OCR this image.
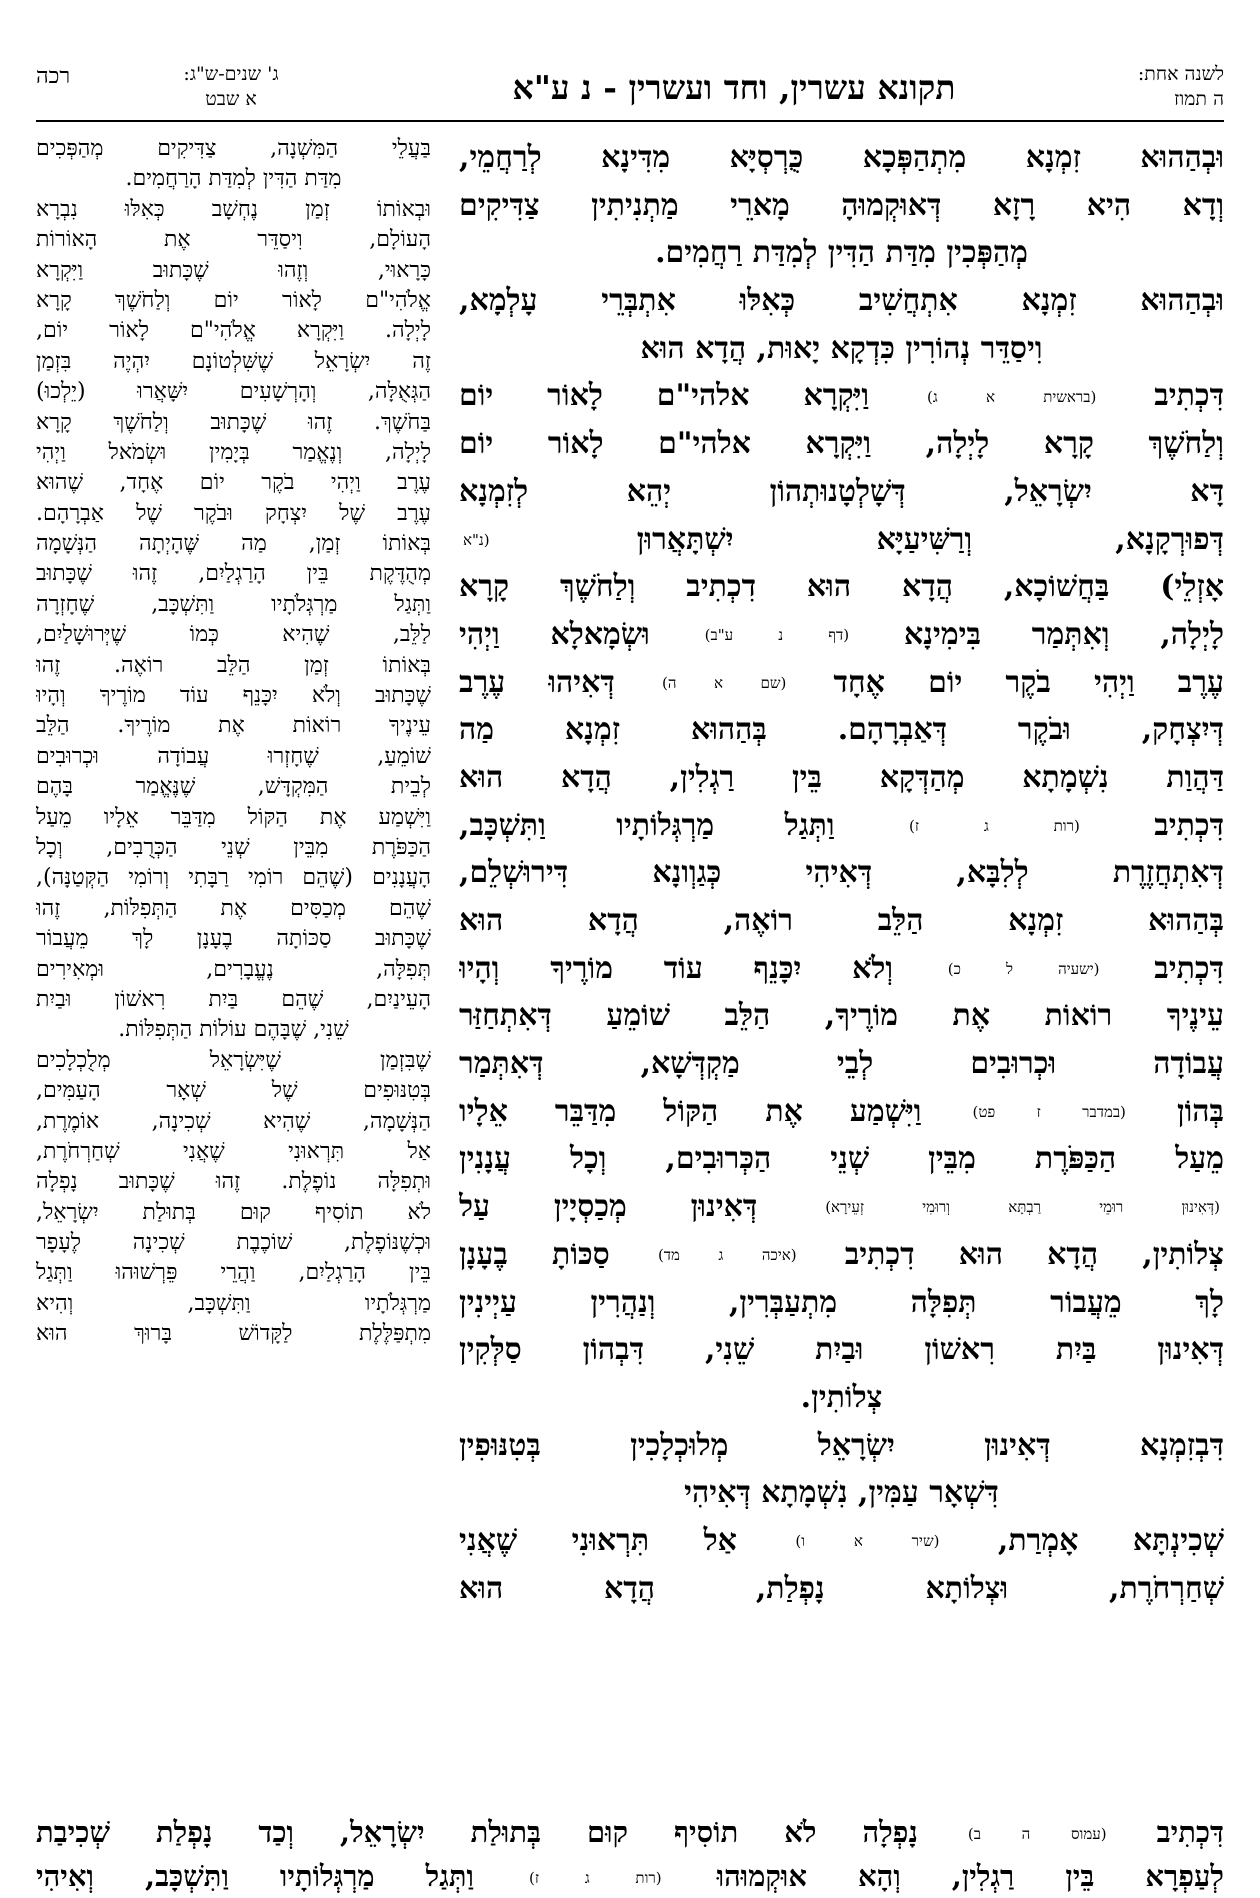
לשנה אחת:
ה תמוז
תקונא עשרין, וחד ועשרין - נ ע"א
ג' שנים-ש"ג:
א שבט
רכה
וּבְהַהוּא זִמְנָא מִתְהַפְּכָא כֻּרְסְיָּא מִדִּינָא לְרַחֲמֵי,
וְדָא הִיא רָזָא דְּאוּקְמוּהָ מָארֵי מַתְנִיתִין צַדִּיקִים
מְהַפְּכִין מִדַּת הַדִּין לְמִדַּת רַחֲמִים.
וּבְהַהוּא זִמְנָא אִתְחֲשִׁיב כְּאִלּוּ אִתְבְּרֵי עָלְמָא,
וִיסַדֵּר נְהוֹרִין כִּדְקָא יָאוּת, הֲדָא הוּא
דִּכְתִיב (בראשית א ג) וַיִּקְרָא אלהי"ם לָאוֹר יוֹם
וְלַחֹשֶׁךְ קָרָא לָיְלָה, וַיִּקְרָא אלהי"ם לָאוֹר יוֹם
דָּא יִשְׂרָאֵל, דְּשָׁלְטָנוּתְהוֹן יְהֵא לְזִמְנָא
דְּפוּרְקָנָא, וְרַשִּׁיעַיָּא יִשְׁתָּאֲרוּן (נ"א
אָזְלֵי) בַּחֲשׁוֹכָא, הֲדָא הוּא דִכְתִיב וְלַחֹשֶׁךְ קָרָא
לָיְלָה, וְאִתְּמַר בִּימִינָא (דף נ ע"ב) וּשְׂמָאלָא וַיְהִי
עֶרֶב וַיְהִי בֹקֶר יוֹם אֶחָד (שם א ה) דְּאִיהוּ עֶרֶב
דְּיִצְחָק, וּבֹקֶר דְּאַבְרָהָם. בְּהַהוּא זִמְנָא מַה
דַּהֲוַת נִשְׁמָתָא מְהַדְּקָא בֵּין רַגְלִין, הֲדָא הוּא
דִּכְתִיב (רות ג ז) וַתְּגַל מַרְגְּלוֹתָיו וַתִּשְׁכָּב,
דְּאִתְחֲזֶרֶת לְלִבָּא, דְּאִיהִי כְּגַוְונָא דִּירוּשְׁלֵם,
בְּהַהוּא זִמְנָא הַלֵּב רוֹאֶה, הֲדָא הוּא
דִּכְתִיב (ישעיה ל כ) וְלֹא יִכָּנֵף עוֹד מוֹרֶיךָ וְהָיוּ
עֵינֶיךָ רוֹאוֹת אֶת מוֹרֶיךָ, הַלֵּב שׁוֹמֵעַ דְּאִתְחַזַּר
עֲבוֹדָה וּכְרוּבִים לְבֵי מַקְדְּשָׁא, דְּאִתְּמַר
בְּהוֹן (במדבר ז פט) וַיִּשְׁמַע אֶת הַקּוֹל מִדַּבֵּר אֵלָיו
מֵעַל הַכַּפֹּרֶת מִבֵּין שְׁנֵי הַכְּרוּבִים, וְכָל עֲנָנִין
(דְּאִינוּן רוּמֵי רַבְתָּא וְרוּמִי זְעֵירָא) דְּאִינוּן מְכַסְיָין עַל
צְלוֹתִין, הֲדָא הוּא דִכְתִיב (איכה ג מד) סַכּוֹתָ בֶעָנָן
לָךְ מֵעֲבוֹר תְּפִלָּה מִתְעַבְּרִין, וְנַהֲרִין עַיְינִין
דְּאִינוּן בַּיִת רִאשׁוֹן וּבַיִת שֵׁנִי, דִּבְהוֹן סַלְּקִין
צְלוֹתִין.
דִּבְזִמְנָא דְּאִינוּן יִשְׂרָאֵל מְלוּכְלָכִין בְּטִנּוּפִין
דִּשְׁאָר עַמִּין, נִשְׁמָתָא דְּאִיהִי
שְׁכִינְתָּא אָמְרַת, (שיר א ו) אַל תִּרְאוּנִי שֶׁאֲנִי
שְׁחַרְחֹרֶת, וּצְלוֹתָא נָפְלַת, הֲדָא הוּא
בַּעֲלֵי הַמִּשְׁנָה, צַדִּיקִים מְהַפְּכִים
מִדַּת הַדִּין לְמִדַּת הָרַחֲמִים.
וּבְאוֹתוֹ זְמַן נֶחְשָׁב כְּאִלּוּ נִבְרָא
הָעוֹלָם, וִיסַדֵּר אֶת הָאוֹרוֹת
כָּרָאוּי, וְזֶהוּ שֶׁכָּתוּב וַיִּקְרָא
אֱלֹהִי"ם לָאוֹר יוֹם וְלַחֹשֶׁךְ קָרָא
לָיְלָה. וַיִּקְרָא אֱלֹהִי"ם לָאוֹר יוֹם,
זֶה יִשְׂרָאֵל שֶׁשִּׁלְטוֹנָם יִהְיֶה בִּזְמַן
הַגְּאֻלָּה, וְהָרְשָׁעִים יִשָּׁאֲרוּ (יֵלְכוּ)
בַּחֹשֶׁךְ. זֶהוּ שֶׁכָּתוּב וְלַחֹשֶׁךְ קָרָא
לָיְלָה, וְנֶאֱמַר בְּיָמִין וּשְׂמֹאל וַיְהִי
עֶרֶב וַיְהִי בֹקֶר יוֹם אֶחָד, שֶׁהוּא
עֶרֶב שֶׁל יִצְחָק וּבֹקֶר שֶׁל אַבְרָהָם.
בְּאוֹתוֹ זְמַן, מַה שֶּׁהָיְתָה הַנְּשָׁמָה
מְהֻדֶּקֶת בֵּין הָרַגְלַיִם, זֶהוּ שֶׁכָּתוּב
וַתְּגַל מַרְגְּלֹתָיו וַתִּשְׁכָּב, שֶׁחָזְרָה
לַלֵּב, שֶׁהִיא כְּמוֹ שֶׁיְּרוּשָׁלַיִם,
בְּאוֹתוֹ זְמַן הַלֵּב רוֹאֶה. זֶהוּ
שֶׁכָּתוּב וְלֹא יִכָּנֵף עוֹד מוֹרֶיךָ וְהָיוּ
עֵינֶיךָ רוֹאוֹת אֶת מוֹרֶיךָ. הַלֵּב
שׁוֹמֵעַ, שֶׁחָזְרוּ עֲבוֹדָה וּכְרוּבִים
לְבֵית הַמִּקְדָּשׁ, שֶׁנֶּאֱמַר בָּהֶם
וַיִּשְׁמַע אֶת הַקּוֹל מִדַּבֵּר אֵלָיו מֵעַל
הַכַּפֹּרֶת מִבֵּין שְׁנֵי הַכְּרֻבִים, וְכָל
הָעֲנָנִים (שֶׁהֵם רוֹמִי רַבָּתִי וְרוֹמִי הַקְּטַנָּה),
שֶׁהֵם מְכַסִּים אֶת הַתְּפִלּוֹת, זֶהוּ
שֶׁכָּתוּב סַכּוֹתָה בֶעָנָן לָךְ מֵעֲבוֹר
תְּפִלָּה, נֶעֱבָרִים, וּמְאִירִים
הָעֵינַיִם, שֶׁהֵם בַּיִת רִאשׁוֹן וּבַיִת
שֵׁנִי, שֶׁבָּהֶם עוֹלוֹת הַתְּפִלּוֹת.
שֶׁבִּזְמַן שֶׁיִּשְׂרָאֵל מְלֻכְלָכִים
בְּטִנּוּפִים שֶׁל שְׁאָר הָעַמִּים,
הַנְּשָׁמָה, שֶׁהִיא שְׁכִינָה, אוֹמֶרֶת,
אַל תִּרְאוּנִי שֶׁאֲנִי שְׁחַרְחֹרֶת,
וּתְפִלָּה נוֹפֶלֶת. זֶהוּ שֶׁכָּתוּב נָפְלָה
לֹא תוֹסִיף קוּם בְּתוּלַת יִשְׂרָאֵל,
וּכְשֶׁנּוֹפֶלֶת, שׁוֹכֶבֶת שְׁכִינָה לֶעָפָר
בֵּין הָרַגְלַיִם, וַהֲרֵי פֵּרְשׁוּהוּ וַתְּגַל
מַרְגְּלֹתָיו וַתִּשְׁכָּב, וְהִיא
מִתְפַּלֶּלֶת לַקָּדוֹשׁ בָּרוּךְ הוּא
דִּכְתִיב (עמוס ה ב) נָפְלָה לֹא תוֹסִיף קוּם בְּתוּלַת יִשְׂרָאֵל, וְכַד נָפְלַת שְׁכִיבַת
לְעַפְרָא בֵּין רַגְלִין, וְהָא אוּקְמוּהוּ (רות ג ז) וַתְּגַל מַרְגְּלוֹתָיו וַתִּשְׁכָּב, וְאִיהִי
